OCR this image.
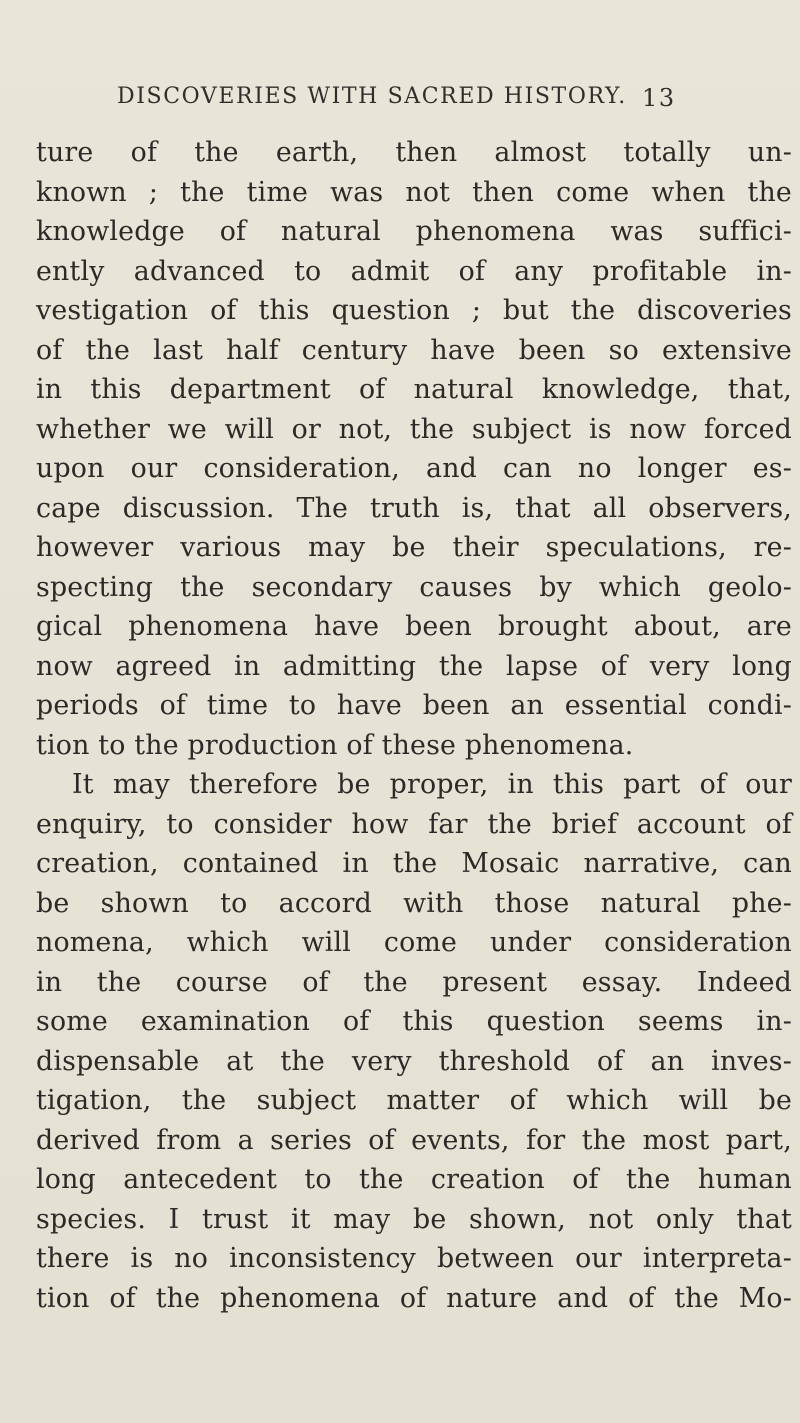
DISCOVERIES WITH SACRED HISTORY. 13
ture of the earth, then almost totally un-
known ; the time was not then come when the
knowledge of natural phenomena was suffici-
ently advanced to admit of any profitable in-
vestigation of this question ; but the discoveries
of the last half century have been so extensive
in this department of natural knowledge, that,
whether we will or not, the subject is now forced
upon our consideration, and can no longer es-
cape discussion. The truth is, that all observers,
however various may be their speculations, re-
specting the secondary causes by which geolo-
gical phenomena have been brought about, are
now agreed in admitting the lapse of very long
periods of time to have been an essential condi-
tion to the production of these phenomena.
It may therefore be proper, in this part of our
enquiry, to consider how far the brief account of
creation, contained in the Mosaic narrative, can
be shown to accord with those natural phe-
nomena, which will come under consideration
in the course of the present essay. Indeed
some examination of this question seems in-
dispensable at the very threshold of an inves-
tigation, the subject matter of which will be
derived from a series of events, for the most part,
long antecedent to the creation of the human
species. I trust it may be shown, not only that
there is no inconsistency between our interpreta-
tion of the phenomena of nature and of the Mo-
